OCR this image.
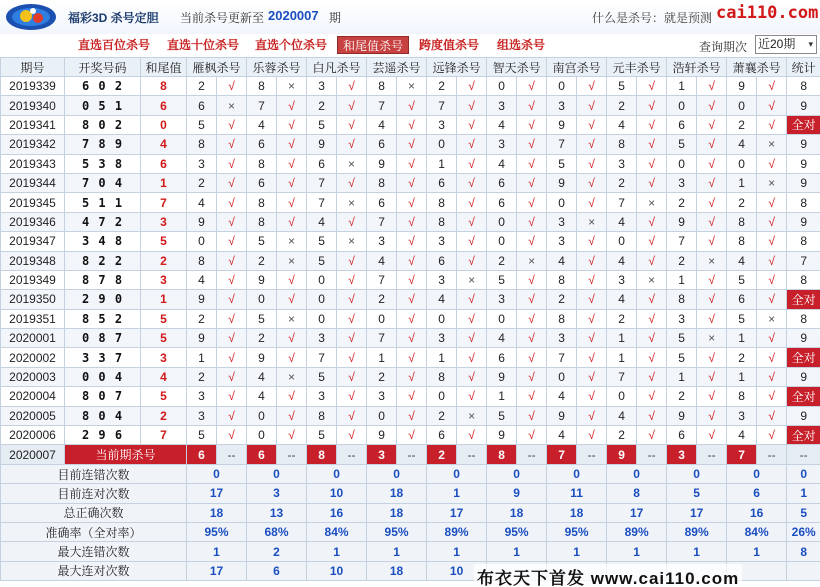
福彩3D 杀号定胆 当前杀号更新至 2020007 期	什么是杀号：就是预测 cai110.com
直选百位杀号 直选十位杀号 直选个位杀号	和尾值杀号	跨度值杀号 组选杀号	查询期次 近20期 ▾
期号	开奖号码	和尾值	雁枫杀号		乐蓉杀号		白凡杀号		芸遥杀号		远锋杀号		智天杀号		南宫杀号		元丰杀号		浩轩杀号		萧襄杀号		统计
2019339	6 0 2	8	2	√	8	×	3	√	8	×	2	√	0	√	0	√	5	√	1	√	9	√	8
2019340	0 5 1	6	6	×	7	√	2	√	7	√	7	√	3	√	3	√	2	√	0	√	0	√	9
2019341	8 0 2	0	5	√	4	√	5	√	4	√	3	√	4	√	9	√	4	√	6	√	2	√	全对
2019342	7 8 9	4	8	√	6	√	9	√	6	√	0	√	3	√	7	√	8	√	5	√	4	×	9
2019343	5 3 8	6	3	√	8	√	6	×	9	√	1	√	4	√	5	√	3	√	0	√	0	√	9
2019344	7 0 4	1	2	√	6	√	7	√	8	√	6	√	6	√	9	√	2	√	3	√	1	×	9
2019345	5 1 1	7	4	√	8	√	7	×	6	√	8	√	6	√	0	√	7	×	2	√	2	√	8
2019346	4 7 2	3	9	√	8	√	4	√	7	√	8	√	0	√	3	×	4	√	9	√	8	√	9
2019347	3 4 8	5	0	√	5	×	5	×	3	√	3	√	0	√	3	√	0	√	7	√	8	√	8
2019348	8 2 2	2	8	√	2	×	5	√	4	√	6	√	2	×	4	√	4	√	2	×	4	√	7
2019349	8 7 8	3	4	√	9	√	0	√	7	√	3	×	5	√	8	√	3	×	1	√	5	√	8
2019350	2 9 0	1	9	√	0	√	0	√	2	√	4	√	3	√	2	√	4	√	8	√	6	√	全对
2019351	8 5 2	5	2	√	5	×	0	√	0	√	0	√	0	√	8	√	2	√	3	√	5	×	8
2020001	0 8 7	5	9	√	2	√	3	√	7	√	3	√	4	√	3	√	1	√	5	×	1	√	9
2020002	3 3 7	3	1	√	9	√	7	√	1	√	1	√	6	√	7	√	1	√	5	√	2	√	全对
2020003	0 0 4	4	2	√	4	×	5	√	2	√	8	√	9	√	0	√	7	√	1	√	1	√	9
2020004	8 0 7	5	3	√	4	√	3	√	3	√	0	√	1	√	4	√	0	√	2	√	8	√	全对
2020005	8 0 4	2	3	√	0	√	8	√	0	√	2	×	5	√	9	√	4	√	9	√	3	√	9
2020006	2 9 6	7	5	√	0	√	5	√	9	√	6	√	9	√	4	√	2	√	6	√	4	√	全对
2020007	当前期杀号		6	--	6	--	8	--	3	--	2	--	8	--	7	--	9	--	3	--	7	--	--
目前连错次数			0		0		0		0		0		0		0		0		0		0		0
目前连对次数			17		3		10		18		1		9		11		8		5		6		1
总正确次数			18		13		16		18		17		18		18		17		17		16		5
准确率（全对率）			95%		68%		84%		95%		89%		95%		95%		89%		89%		84%		26%
最大连错次数			1		2		1		1		1		1		1		1		1		1		8
最大连对次数			17		6		10		18		10												布衣天下首发 www.cai110.com
